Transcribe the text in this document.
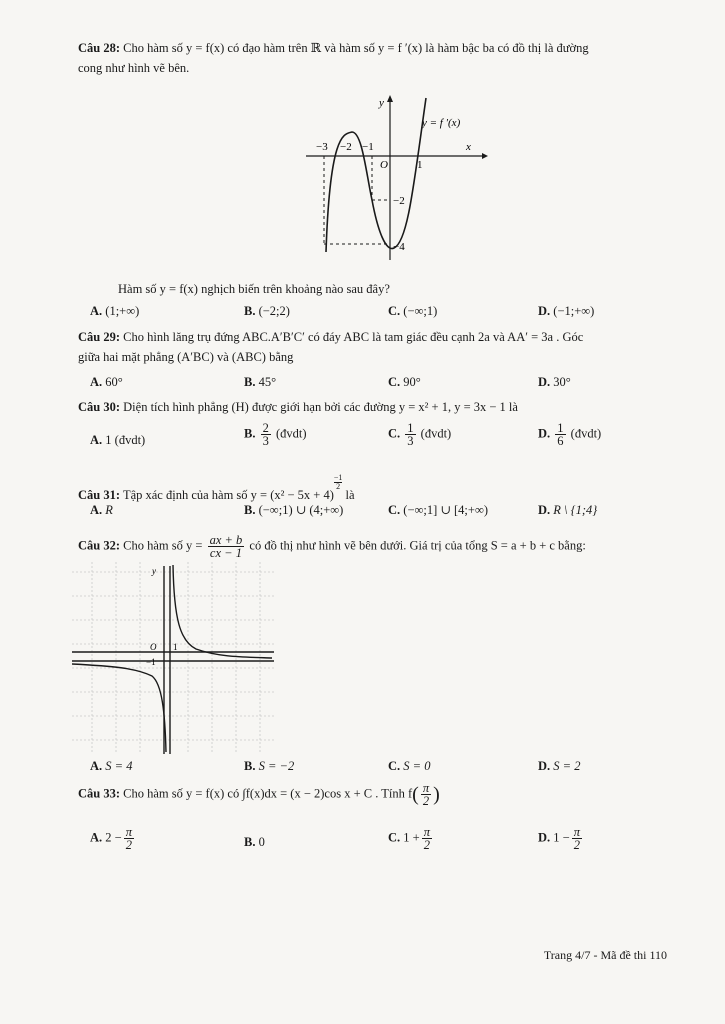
Câu 28: Cho hàm số y = f(x) có đạo hàm trên ℝ và hàm số y = f ′(x) là hàm bậc ba có đồ thị là đường
cong như hình vẽ bên.
y
x
O
y = f ′(x)
−3 −2 −1
1
−2
−4
Hàm số y = f(x) nghịch biến trên khoảng nào sau đây?
A. (1;+∞)	B. (−2;2)	C. (−∞;1)	D. (−1;+∞)
Câu 29: Cho hình lăng trụ đứng ABC.A′B′C′ có đáy ABC là tam giác đều cạnh 2a và AA′ = 3a . Góc
giữa hai mặt phẳng (A′BC) và (ABC) bằng
A. 60°	B. 45°	C. 90°	D. 30°
Câu 30: Diện tích hình phẳng (H) được giới hạn bởi các đường y = x² + 1, y = 3x − 1 là
A. 1 (đvdt)	B. $\frac{2}{3}$ (đvdt)	C. $\frac{1}{3}$ (đvdt)	D. $\frac{1}{6}$ (đvdt)
Câu 31: Tập xác định của hàm số y = (x² − 5x + 4)
$^{\frac{-1}{2}}$
là
A. R	B. (−∞;1) ∪ (4;+∞)	C. (−∞;1] ∪ [4;+∞)	D. R \ {1;4}
Câu 32: Cho hàm số $y = \frac{ax + b}{cx - 1}$ có đồ thị như hình vẽ bên dưới. Giá trị của tổng S = a + b + c bằng:
y
O 1
−1
A. S = 4	B. S = −2	C. S = 0	D. S = 2
Câu 33: Cho hàm số y = f(x) có ∫f(x)dx = (x − 2)cos x + C . Tính $f( \frac{\pi}{2}$ )
A. $2 - \frac{\pi}{2}$	B. 0	C. $1 + \frac{\pi}{2}$	D. $1 - \frac{\pi}{2}$
Trang 4/7 - Mã đề thi 110
